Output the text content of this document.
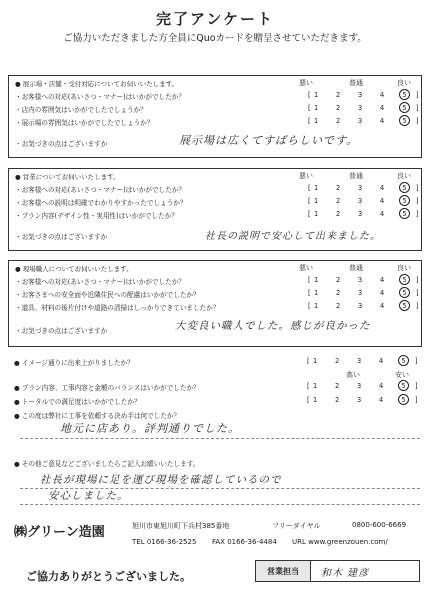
完了アンケート
ご協力いただきました方全員にQuoカードを贈呈させていただきます。
● 展示場・店舗・受付対応についてお伺いいたします。	悪い	普通	良い
・お客様への対応(あいさつ・マナー)はいかがでしたか？	[ 1	2	3	4	5	]
・店内の雰囲気はいかがでしたでしょうか？	[ 1	2	3	4	5	]
・展示場の雰囲気はいかがでしたでしょうか？	[ 1	2	3	4	5	]
・お気づきの点はございますか	展示場は広くてすばらしいです。
● 営業についてお伺いいたします。	悪い	普通	良い
・お客様への対応(あいさつ・マナー)はいかがでしたか？	[ 1	2	3	4	5	]
・お客様への説明は明確でわかりやすかったでしょうか？	[ 1	2	3	4	5	]
・プラン内容(デザイン性・実用性)はいかがでしたか？	[ 1	2	3	4	5	]
・お気づきの点はございますか	社長の説明で安心して出来ました。
● 現場職人についてお伺いいたします。	悪い	普通	良い
・お客様への対応(あいさつ・マナー)はいかがでしたか？	[ 1	2	3	4	5	]
・お客さまへの安全面や近隣住民への配慮はいかがでしたか？	[ 1	2	3	4	5	]
・道具、材料の後片付けや道路の清掃はしっかりできていましたか？	[ 1	2	3	4	5	]
・お気づきの点はございますか	大変良い職人でした。感じが良かった
● イメージ通りに出来上がりましたか？	[ 1	2	3	4	5	]
高い	安い
● プラン内容、工事内容と金額のバランスはいかがでしたか？	[ 1	2	3	4	5	]
● トータルでの満足度はいかがでしたか？	[ 1	2	3	4	5	]
● この度は弊社に工事を依頼する決め手は何でしたか？
地元に店あり。評判通りでした。
● その他ご意見などございましたらご記入お願いいたします。
社長が現場に足を運び現場を確認しているので
安心しました。
㈱グリーン造園	旭川市東旭川町下兵村385番地	フリーダイヤル	0800-600-6669
TEL 0166-36-2525 FAX 0166-36-4484 URL www.greenzouen.com/
ご協力ありがとうございました。	営業担当	和木 建彦
